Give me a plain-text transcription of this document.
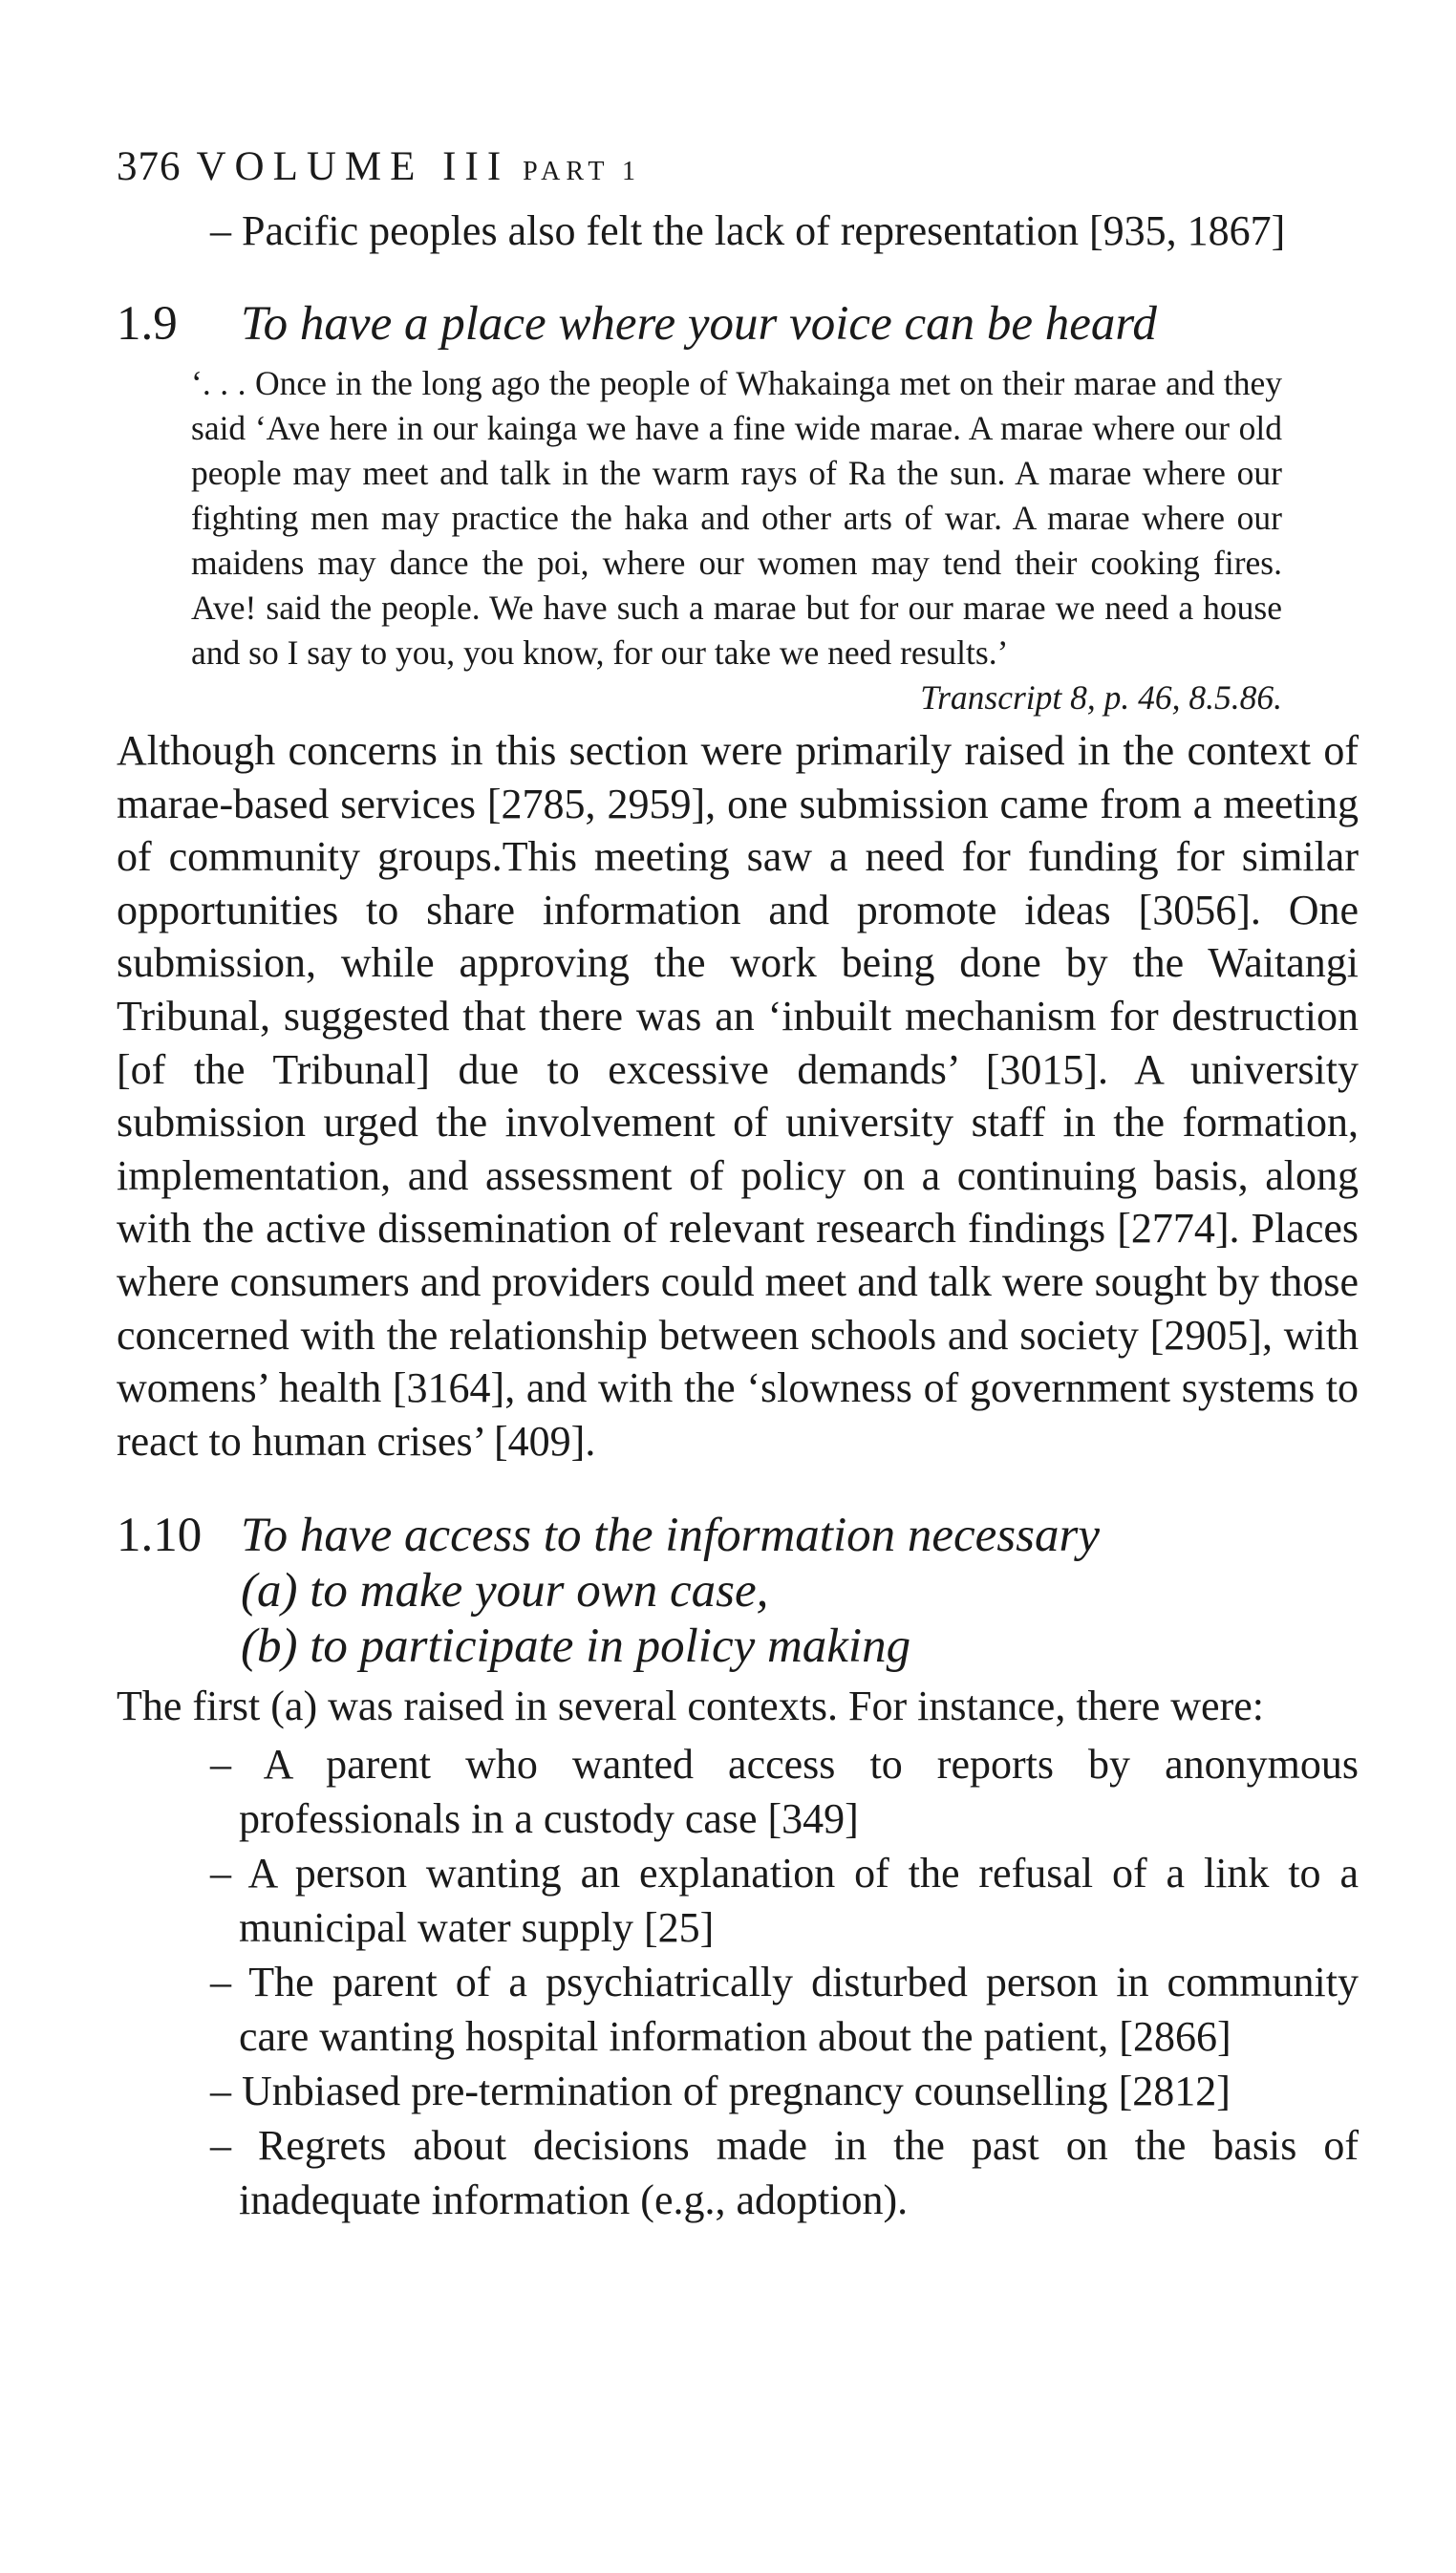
376 VOLUME III PART 1
– Pacific peoples also felt the lack of representation [935, 1867]
1.9	To have a place where your voice can be heard
‘. . . Once in the long ago the people of Whakainga met on their marae and they said ‘Ave here in our kainga we have a fine wide marae. A marae where our old people may meet and talk in the warm rays of Ra the sun. A marae where our fighting men may practice the haka and other arts of war. A marae where our maidens may dance the poi, where our women may tend their cooking fires. Ave! said the people. We have such a marae but for our marae we need a house and so I say to you, you know, for our take we need results.’
Transcript 8, p. 46, 8.5.86.
Although concerns in this section were primarily raised in the context of marae-based services [2785, 2959], one submission came from a meeting of community groups.This meeting saw a need for funding for similar opportunities to share information and promote ideas [3056]. One submission, while approving the work being done by the Waitangi Tribunal, suggested that there was an ‘inbuilt mechanism for destruction [of the Tribunal] due to excessive demands’ [3015]. A university submission urged the involvement of university staff in the formation, implementation, and assessment of policy on a continuing basis, along with the active dissemination of relevant research findings [2774]. Places where consumers and providers could meet and talk were sought by those concerned with the relationship between schools and society [2905], with womens’ health [3164], and with the ‘slowness of government systems to react to human crises’ [409].
1.10 To have access to the information necessary
(a) to make your own case,
(b) to participate in policy making
The first (a) was raised in several contexts. For instance, there were:
– A parent who wanted access to reports by anonymous professionals in a custody case [349]
– A person wanting an explanation of the refusal of a link to a municipal water supply [25]
– The parent of a psychiatrically disturbed person in community care wanting hospital information about the patient, [2866]
– Unbiased pre-termination of pregnancy counselling [2812]
– Regrets about decisions made in the past on the basis of inadequate information (e.g., adoption).
